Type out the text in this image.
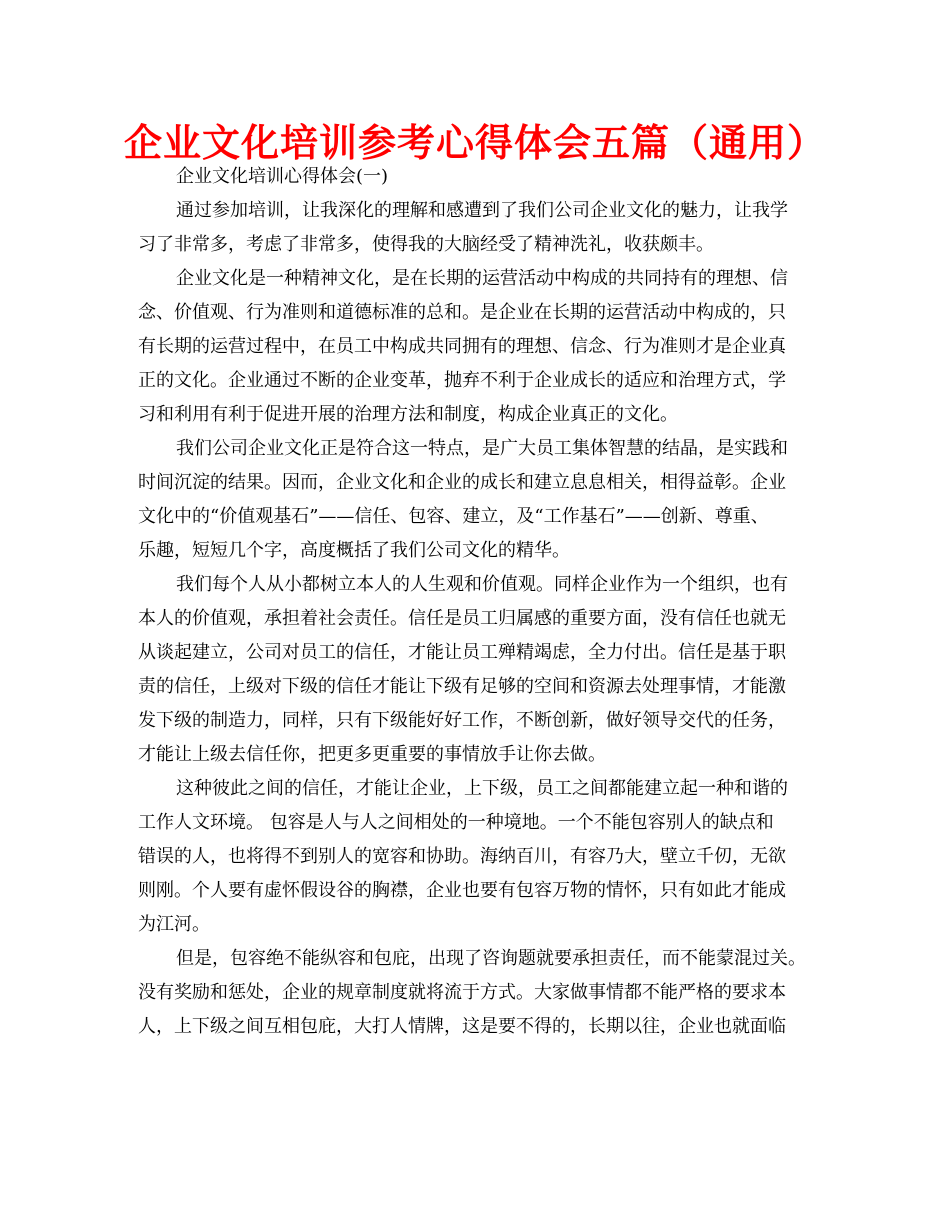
企业文化培训参考心得体会五篇（通用）
企业文化培训心得体会(一)
通过参加培训，让我深化的理解和感遭到了我们公司企业文化的魅力，让我学
习了非常多，考虑了非常多，使得我的大脑经受了精神洗礼，收获颇丰。
企业文化是一种精神文化，是在长期的运营活动中构成的共同持有的理想、信
念、价值观、行为准则和道德标准的总和。是企业在长期的运营活动中构成的，只
有长期的运营过程中，在员工中构成共同拥有的理想、信念、行为准则才是企业真
正的文化。企业通过不断的企业变革，抛弃不利于企业成长的适应和治理方式，学
习和利用有利于促进开展的治理方法和制度，构成企业真正的文化。
我们公司企业文化正是符合这一特点，是广大员工集体智慧的结晶，是实践和
时间沉淀的结果。因而，企业文化和企业的成长和建立息息相关，相得益彰。企业
文化中的“价值观基石”——信任、包容、建立，及“工作基石”——创新、尊重、
乐趣，短短几个字，高度概括了我们公司文化的精华。
我们每个人从小都树立本人的人生观和价值观。同样企业作为一个组织，也有
本人的价值观，承担着社会责任。信任是员工归属感的重要方面，没有信任也就无
从谈起建立，公司对员工的信任，才能让员工殚精竭虑，全力付出。信任是基于职
责的信任，上级对下级的信任才能让下级有足够的空间和资源去处理事情，才能激
发下级的制造力，同样，只有下级能好好工作，不断创新，做好领导交代的任务，
才能让上级去信任你，把更多更重要的事情放手让你去做。
这种彼此之间的信任，才能让企业，上下级，员工之间都能建立起一种和谐的
工作人文环境。 包容是人与人之间相处的一种境地。一个不能包容别人的缺点和
错误的人，也将得不到别人的宽容和协助。海纳百川，有容乃大，壁立千仞，无欲
则刚。个人要有虚怀假设谷的胸襟，企业也要有包容万物的情怀，只有如此才能成
为江河。
但是，包容绝不能纵容和包庇，出现了咨询题就要承担责任，而不能蒙混过关。
没有奖励和惩处，企业的规章制度就将流于方式。大家做事情都不能严格的要求本
人，上下级之间互相包庇，大打人情牌，这是要不得的，长期以往，企业也就面临
